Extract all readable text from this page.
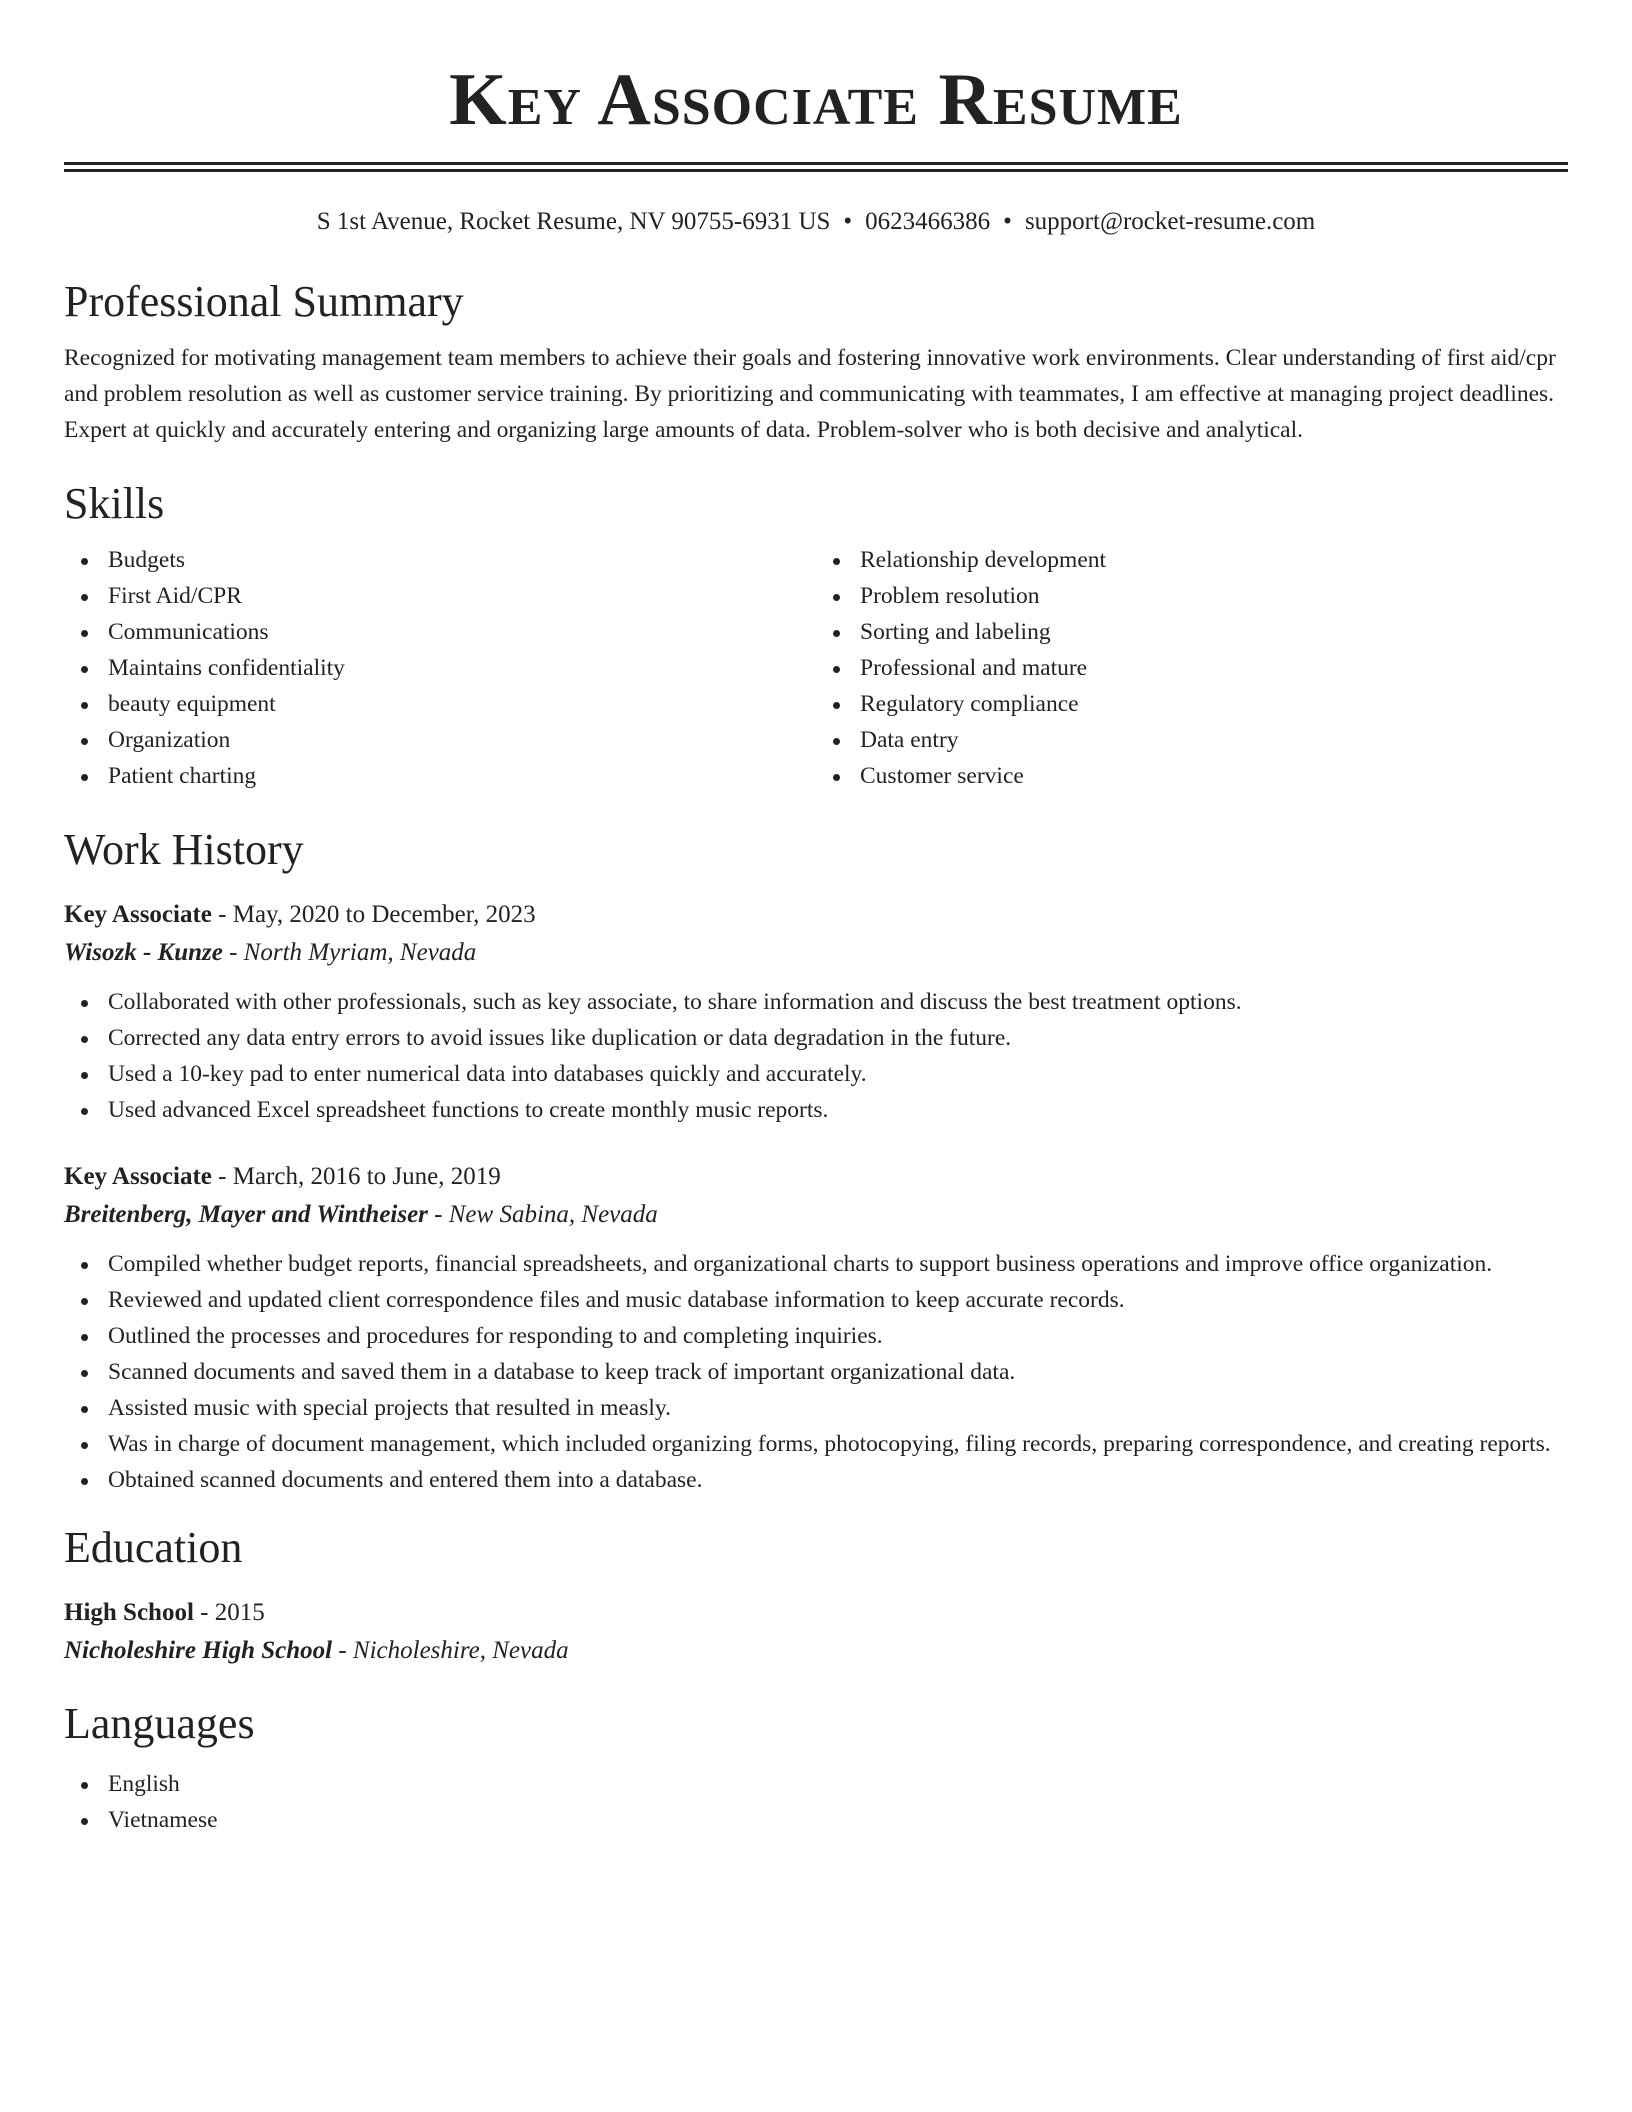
Key Associate Resume
S 1st Avenue, Rocket Resume, NV 90755-6931 US • 0623466386 • support@rocket-resume.com
Professional Summary

Recognized for motivating management team members to achieve their goals and fostering innovative work environments. Clear understanding of first aid/cpr and problem resolution as well as customer service training. By prioritizing and communicating with teammates, I am effective at managing project deadlines. Expert at quickly and accurately entering and organizing large amounts of data. Problem-solver who is both decisive and analytical.

Skills
Budgets
First Aid/CPR
Communications
Maintains confidentiality
beauty equipment
Organization
Patient charting
Relationship development
Problem resolution
Sorting and labeling
Professional and mature
Regulatory compliance
Data entry
Customer service
Work History
Key Associate - May, 2020 to December, 2023
Wisozk - Kunze - North Myriam, Nevada
Collaborated with other professionals, such as key associate, to share information and discuss the best treatment options.
Corrected any data entry errors to avoid issues like duplication or data degradation in the future.
Used a 10-key pad to enter numerical data into databases quickly and accurately.
Used advanced Excel spreadsheet functions to create monthly music reports.
Key Associate - March, 2016 to June, 2019
Breitenberg, Mayer and Wintheiser - New Sabina, Nevada
Compiled whether budget reports, financial spreadsheets, and organizational charts to support business operations and improve office organization.
Reviewed and updated client correspondence files and music database information to keep accurate records.
Outlined the processes and procedures for responding to and completing inquiries.
Scanned documents and saved them in a database to keep track of important organizational data.
Assisted music with special projects that resulted in measly.
Was in charge of document management, which included organizing forms, photocopying, filing records, preparing correspondence, and creating reports.
Obtained scanned documents and entered them into a database.
Education
High School - 2015
Nicholeshire High School - Nicholeshire, Nevada
Languages
English
Vietnamese
